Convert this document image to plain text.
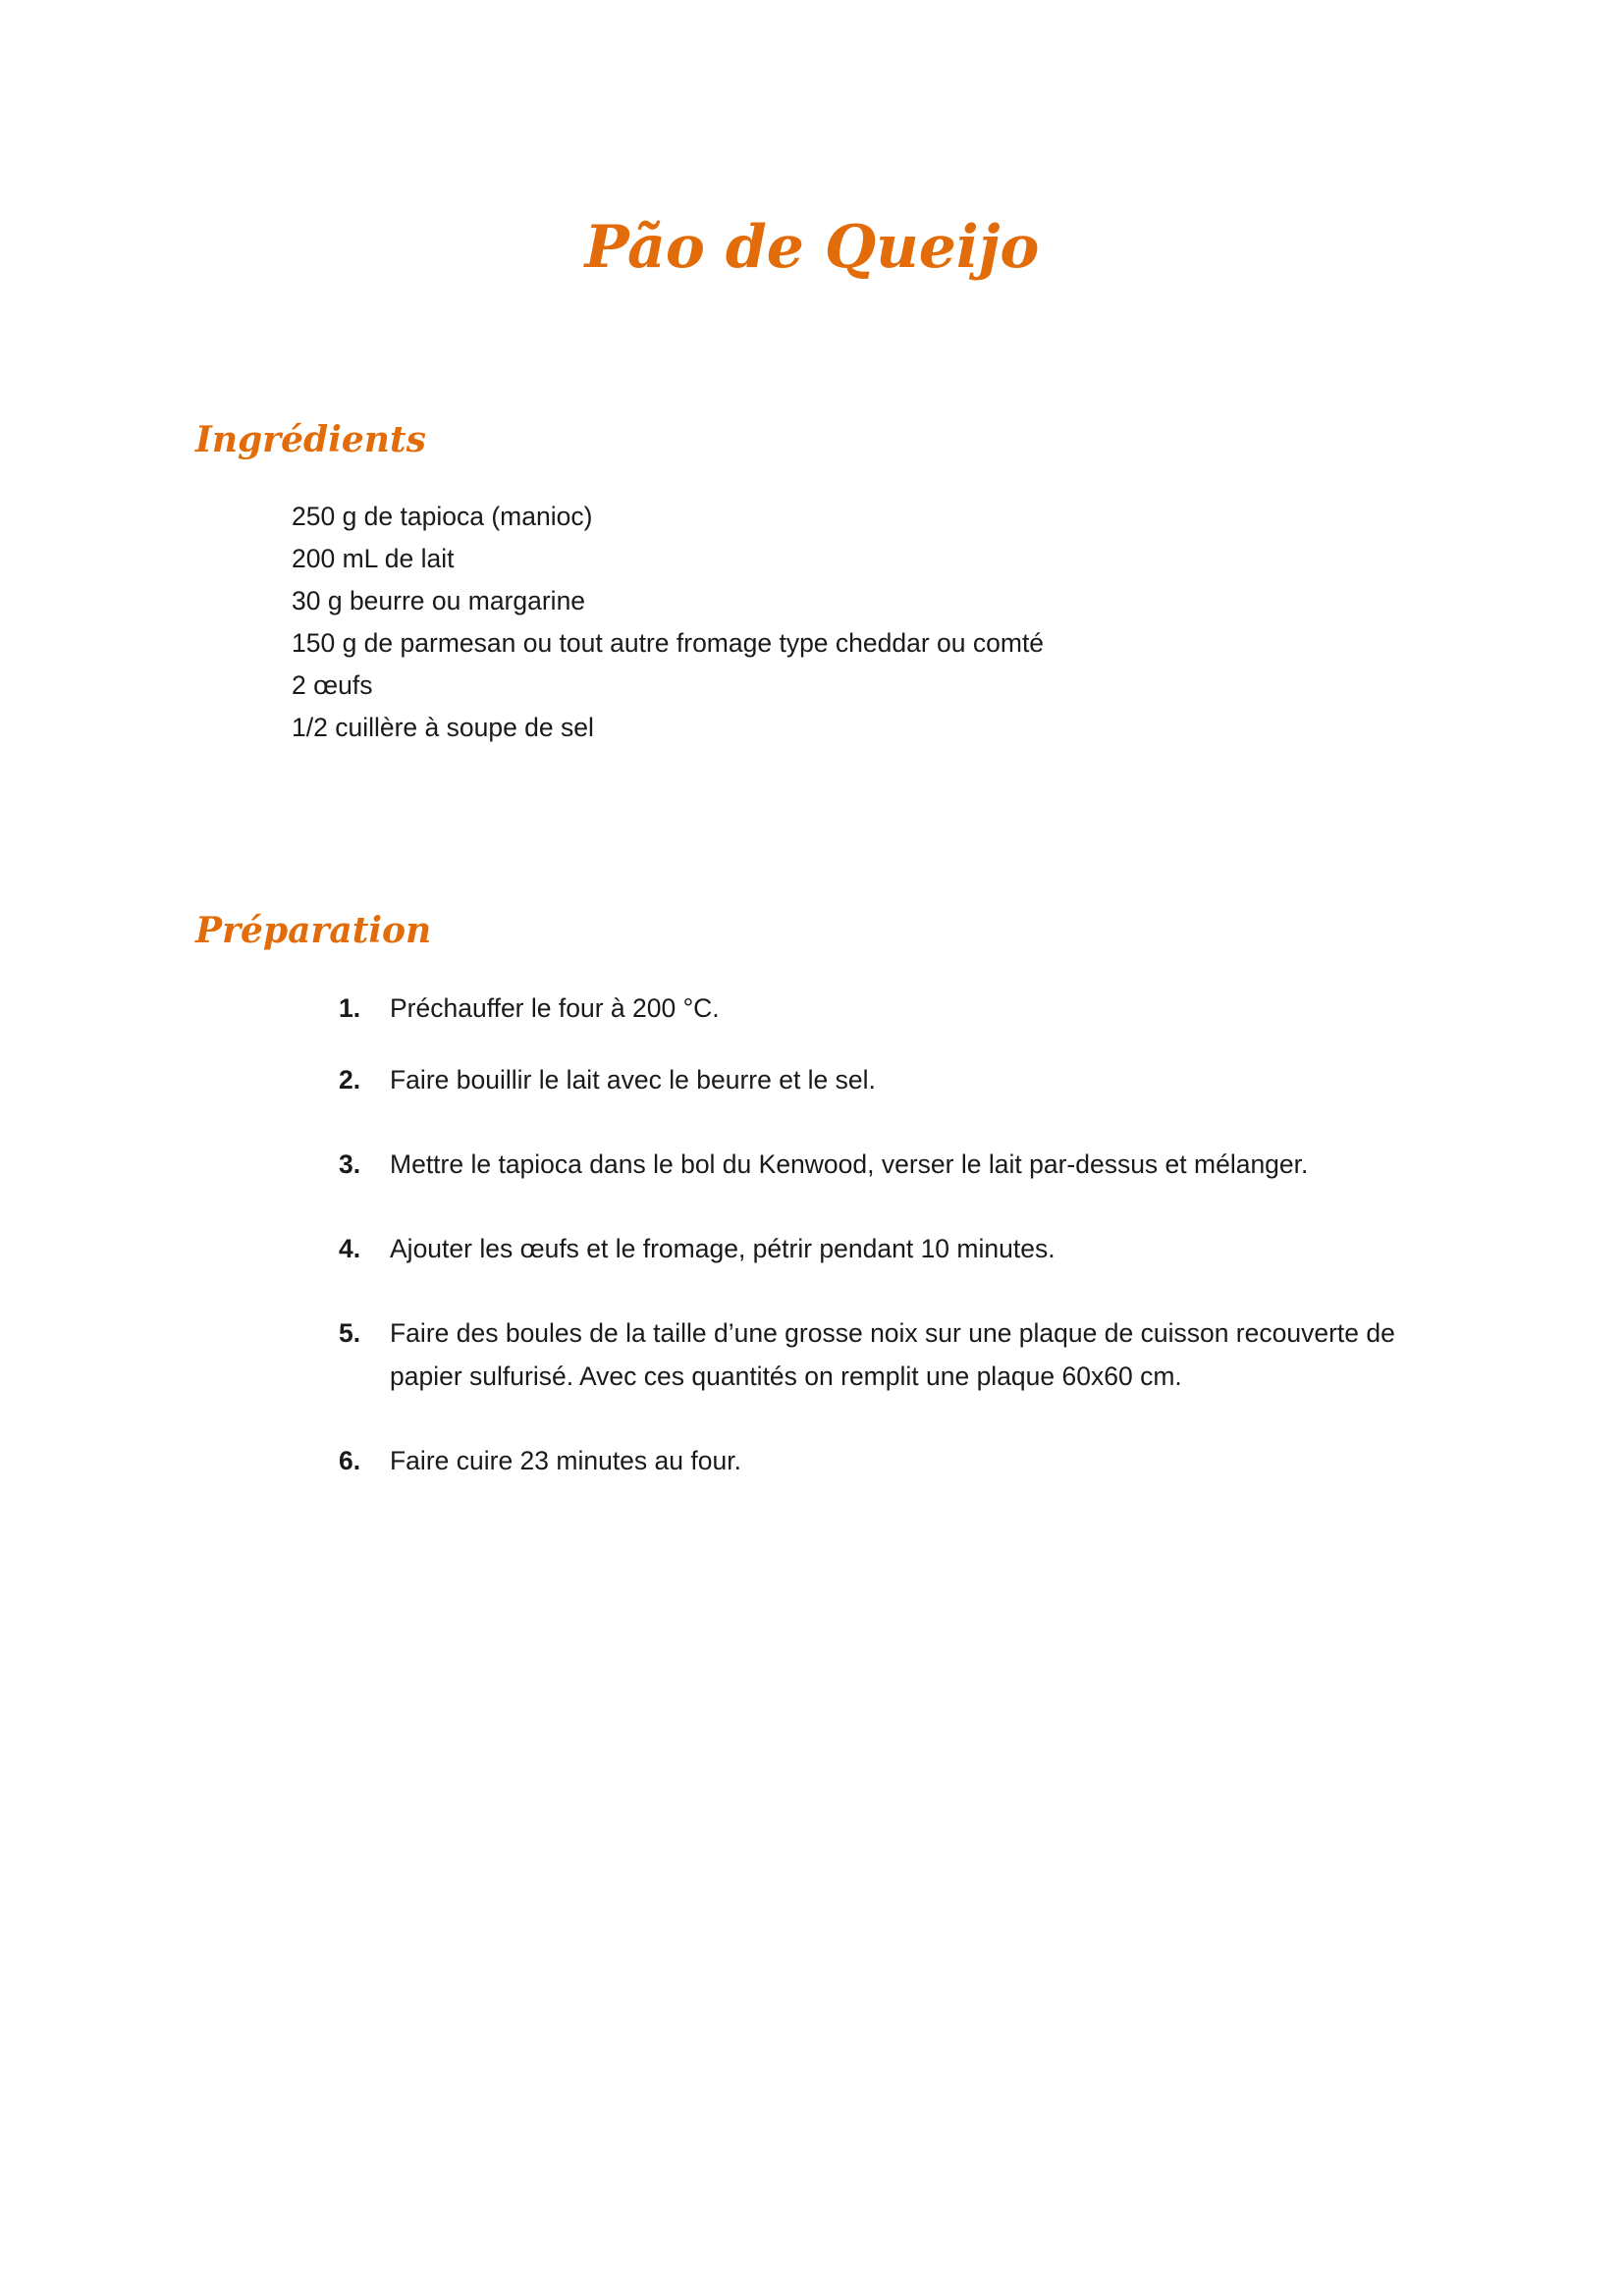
Pão de Queijo
Ingrédients
250 g de tapioca (manioc)
200 mL de lait
30 g beurre ou margarine
150 g de parmesan ou tout autre fromage type cheddar ou comté
2 œufs
1/2 cuillère à soupe de sel
Préparation
1. Préchauffer le four à 200 °C.
2. Faire bouillir le lait avec le beurre et le sel.
3. Mettre le tapioca dans le bol du Kenwood, verser le lait par-dessus et mélanger.
4. Ajouter les œufs et le fromage, pétrir pendant 10 minutes.
5. Faire des boules de la taille d’une grosse noix sur une plaque de cuisson recouverte de papier sulfurisé. Avec ces quantités on remplit une plaque 60x60 cm.
6. Faire cuire 23 minutes au four.
